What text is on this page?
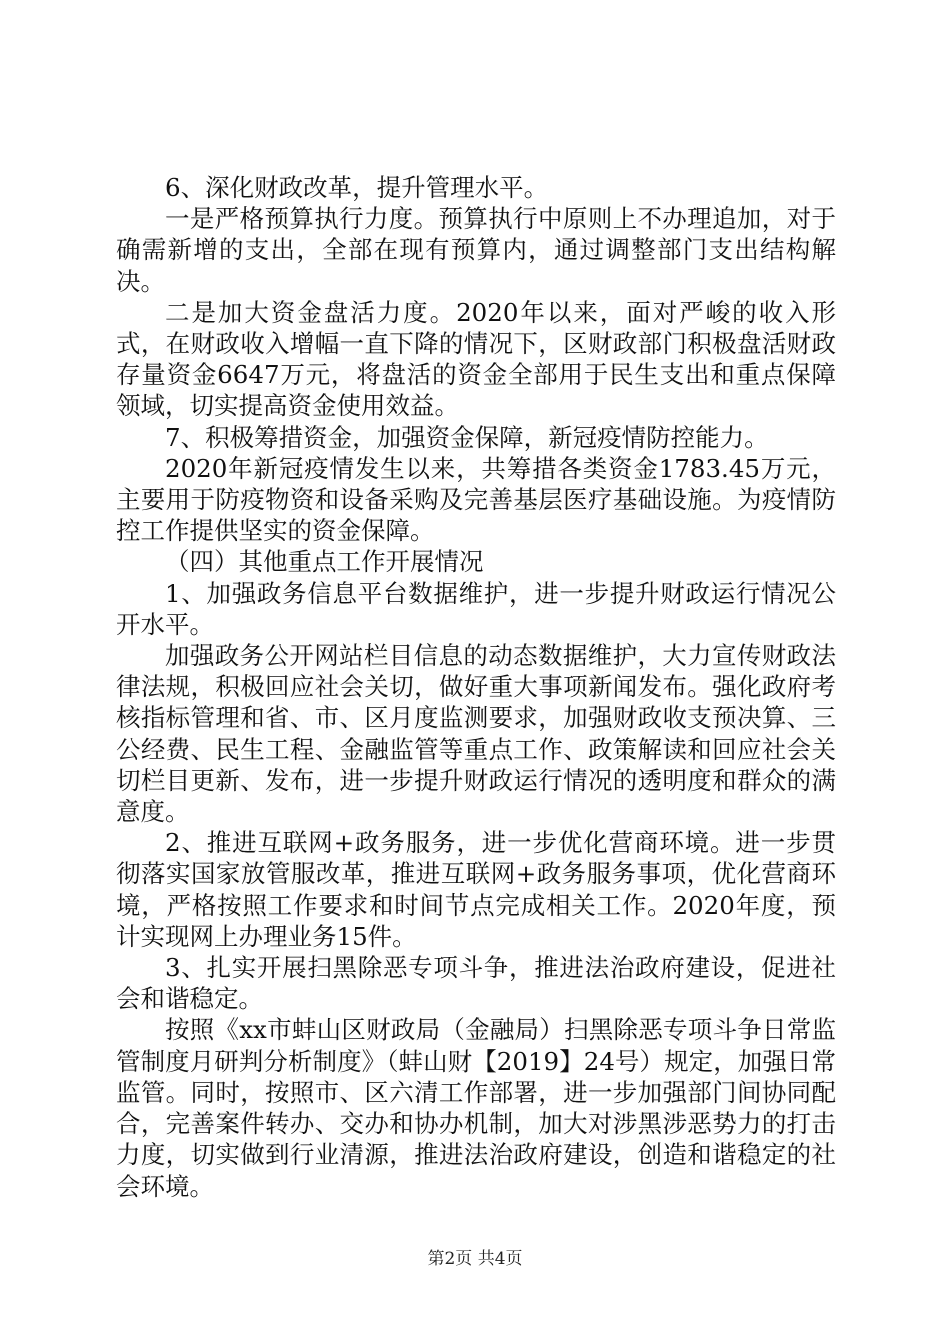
6、深化财政改革，提升管理水平。

一是严格预算执行力度。预算执行中原则上不办理追加，对于确需新增的支出，全部在现有预算内，通过调整部门支出结构解决。

二是加大资金盘活力度。2020年以来，面对严峻的收入形式，在财政收入增幅一直下降的情况下，区财政部门积极盘活财政存量资金6647万元，将盘活的资金全部用于民生支出和重点保障领域，切实提高资金使用效益。

7、积极筹措资金，加强资金保障，新冠疫情防控能力。

2020年新冠疫情发生以来，共筹措各类资金1783.45万元，主要用于防疫物资和设备采购及完善基层医疗基础设施。为疫情防控工作提供坚实的资金保障。

（四）其他重点工作开展情况

1、加强政务信息平台数据维护，进一步提升财政运行情况公开水平。

加强政务公开网站栏目信息的动态数据维护，大力宣传财政法律法规，积极回应社会关切，做好重大事项新闻发布。强化政府考核指标管理和省、市、区月度监测要求，加强财政收支预决算、三公经费、民生工程、金融监管等重点工作、政策解读和回应社会关切栏目更新、发布，进一步提升财政运行情况的透明度和群众的满意度。

2、推进互联网+政务服务，进一步优化营商环境。进一步贯彻落实国家放管服改革，推进互联网+政务服务事项，优化营商环境，严格按照工作要求和时间节点完成相关工作。2020年度，预计实现网上办理业务15件。

3、扎实开展扫黑除恶专项斗争，推进法治政府建设，促进社会和谐稳定。

按照《xx市蚌山区财政局（金融局）扫黑除恶专项斗争日常监管制度月研判分析制度》（蚌山财【2019】24号）规定，加强日常监管。同时，按照市、区六清工作部署，进一步加强部门间协同配合，完善案件转办、交办和协办机制，加大对涉黑涉恶势力的打击力度，切实做到行业清源，推进法治政府建设，创造和谐稳定的社会环境。

第2页 共4页
